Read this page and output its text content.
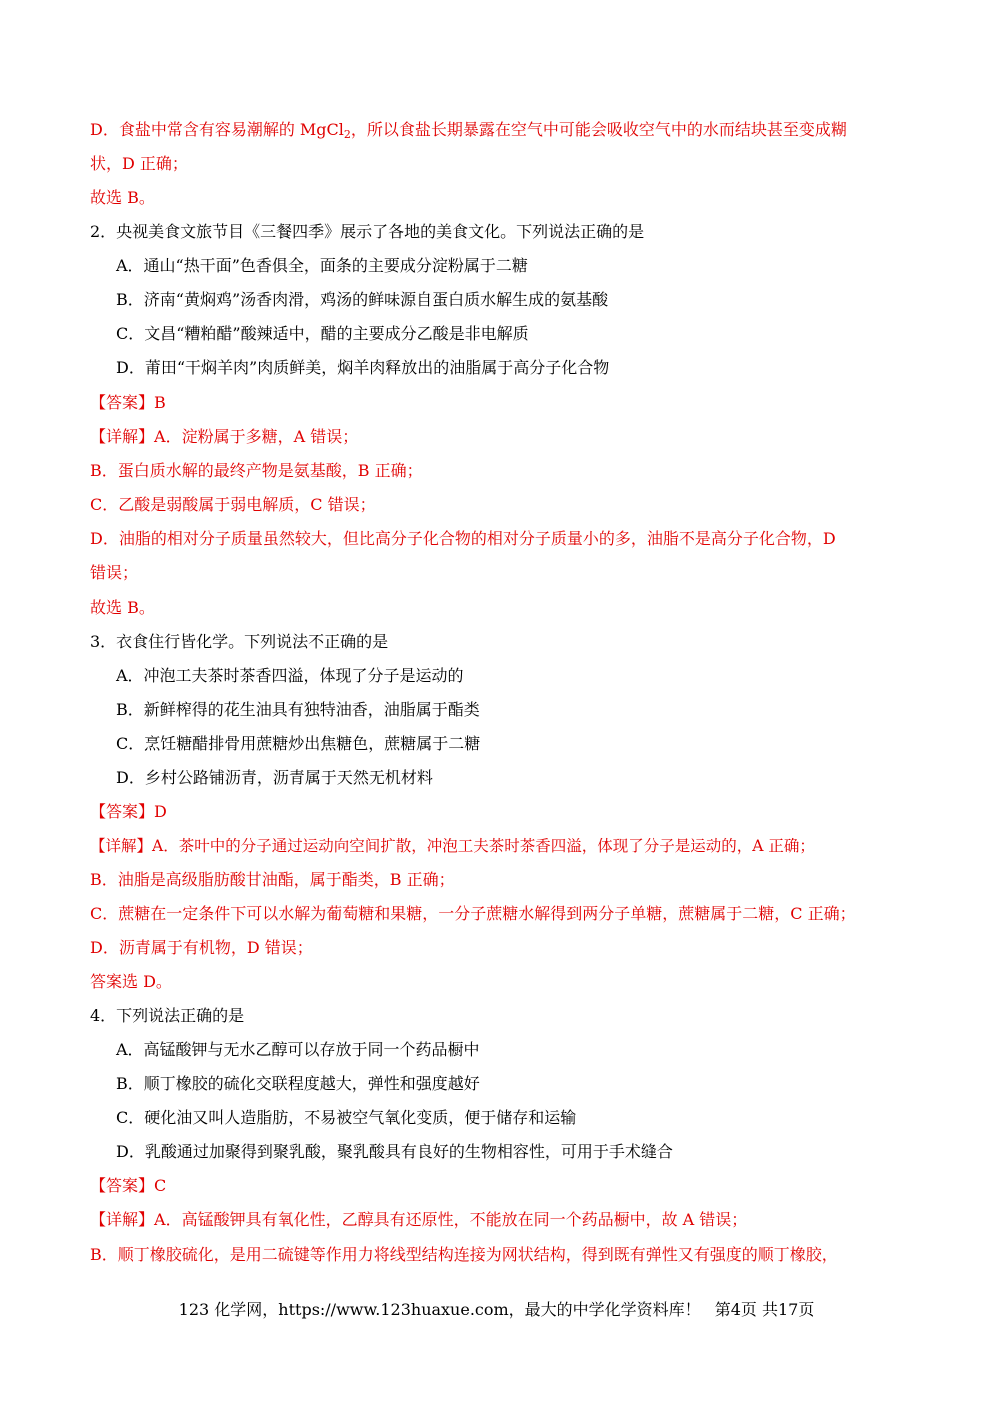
D．食盐中常含有容易潮解的 MgCl$_2$，所以食盐长期暴露在空气中可能会吸收空气中的水而结块甚至变成糊
状，D 正确；
故选 B。
2．央视美食文旅节目《三餐四季》展示了各地的美食文化。下列说法正确的是
A．通山“热干面”色香俱全，面条的主要成分淀粉属于二糖
B．济南“黄焖鸡”汤香肉滑，鸡汤的鲜味源自蛋白质水解生成的氨基酸
C．文昌“糟粕醋”酸辣适中，醋的主要成分乙酸是非电解质
D．莆田“干焖羊肉”肉质鲜美，焖羊肉释放出的油脂属于高分子化合物
【答案】B
【详解】A．淀粉属于多糖，A 错误；
B．蛋白质水解的最终产物是氨基酸，B 正确；
C．乙酸是弱酸属于弱电解质，C 错误；
D．油脂的相对分子质量虽然较大，但比高分子化合物的相对分子质量小的多，油脂不是高分子化合物，D
错误；
故选 B。
3．衣食住行皆化学。下列说法不正确的是
A．冲泡工夫茶时茶香四溢，体现了分子是运动的
B．新鲜榨得的花生油具有独特油香，油脂属于酯类
C．烹饪糖醋排骨用蔗糖炒出焦糖色，蔗糖属于二糖
D．乡村公路铺沥青，沥青属于天然无机材料
【答案】D
【详解】A．茶叶中的分子通过运动向空间扩散，冲泡工夫茶时茶香四溢，体现了分子是运动的，A 正确；
B．油脂是高级脂肪酸甘油酯，属于酯类，B 正确；
C．蔗糖在一定条件下可以水解为葡萄糖和果糖，一分子蔗糖水解得到两分子单糖，蔗糖属于二糖，C 正确；
D．沥青属于有机物，D 错误；
答案选 D。
4．下列说法正确的是
A．高锰酸钾与无水乙醇可以存放于同一个药品橱中
B．顺丁橡胶的硫化交联程度越大，弹性和强度越好
C．硬化油又叫人造脂肪，不易被空气氧化变质，便于储存和运输
D．乳酸通过加聚得到聚乳酸，聚乳酸具有良好的生物相容性，可用于手术缝合
【答案】C
【详解】A．高锰酸钾具有氧化性，乙醇具有还原性，不能放在同一个药品橱中，故 A 错误；
B．顺丁橡胶硫化，是用二硫键等作用力将线型结构连接为网状结构，得到既有弹性又有强度的顺丁橡胶，
123 化学网，https://www.123huaxue.com，最大的中学化学资料库！ 第4页 共17页
